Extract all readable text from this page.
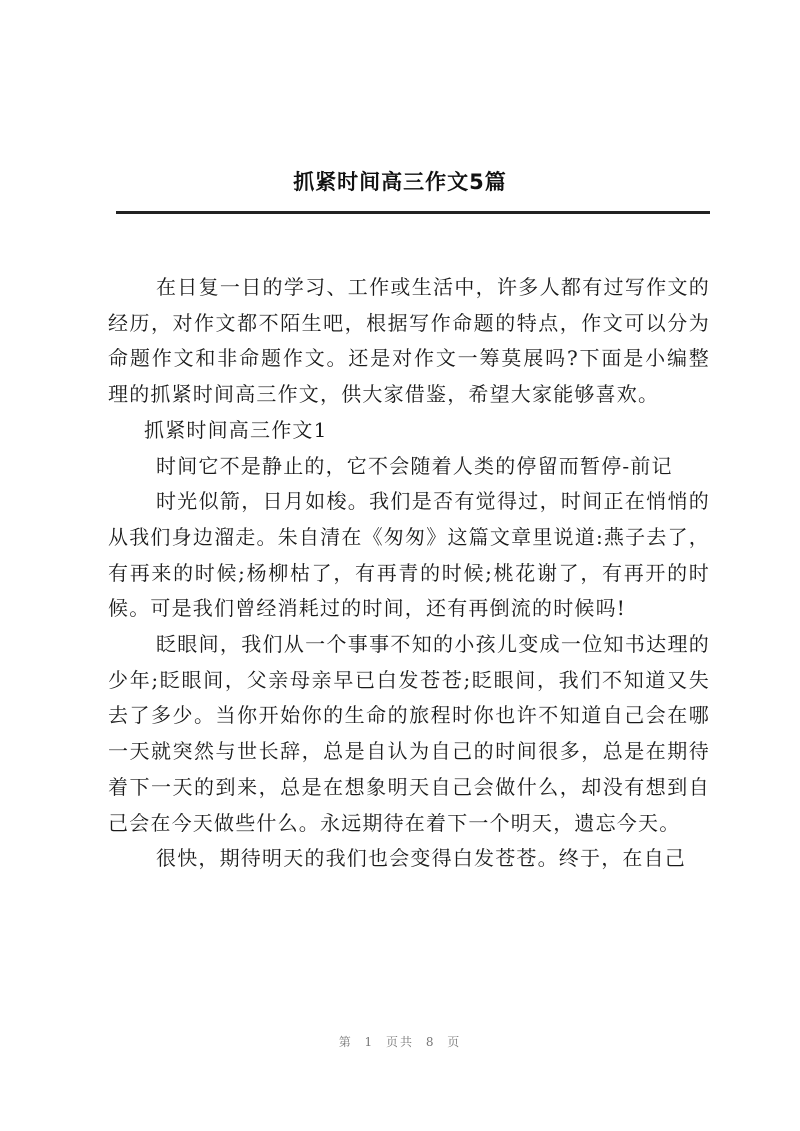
抓紧时间高三作文5篇

在日复一日的学习、工作或生活中，许多人都有过写作文的经历，对作文都不陌生吧，根据写作命题的特点，作文可以分为命题作文和非命题作文。还是对作文一筹莫展吗?下面是小编整理的抓紧时间高三作文，供大家借鉴，希望大家能够喜欢。

抓紧时间高三作文1

时间它不是静止的，它不会随着人类的停留而暂停-前记

时光似箭，日月如梭。我们是否有觉得过，时间正在悄悄的从我们身边溜走。朱自清在《匆匆》这篇文章里说道:燕子去了，有再来的时候;杨柳枯了，有再青的时候;桃花谢了，有再开的时候。可是我们曾经消耗过的时间，还有再倒流的时候吗!

眨眼间，我们从一个事事不知的小孩儿变成一位知书达理的少年;眨眼间，父亲母亲早已白发苍苍;眨眼间，我们不知道又失去了多少。当你开始你的生命的旅程时你也许不知道自己会在哪一天就突然与世长辞，总是自认为自己的时间很多，总是在期待着下一天的到来，总是在想象明天自己会做什么，却没有想到自己会在今天做些什么。永远期待在着下一个明天，遗忘今天。

很快，期待明天的我们也会变得白发苍苍。终于，在自己

第 1 页共 8 页
